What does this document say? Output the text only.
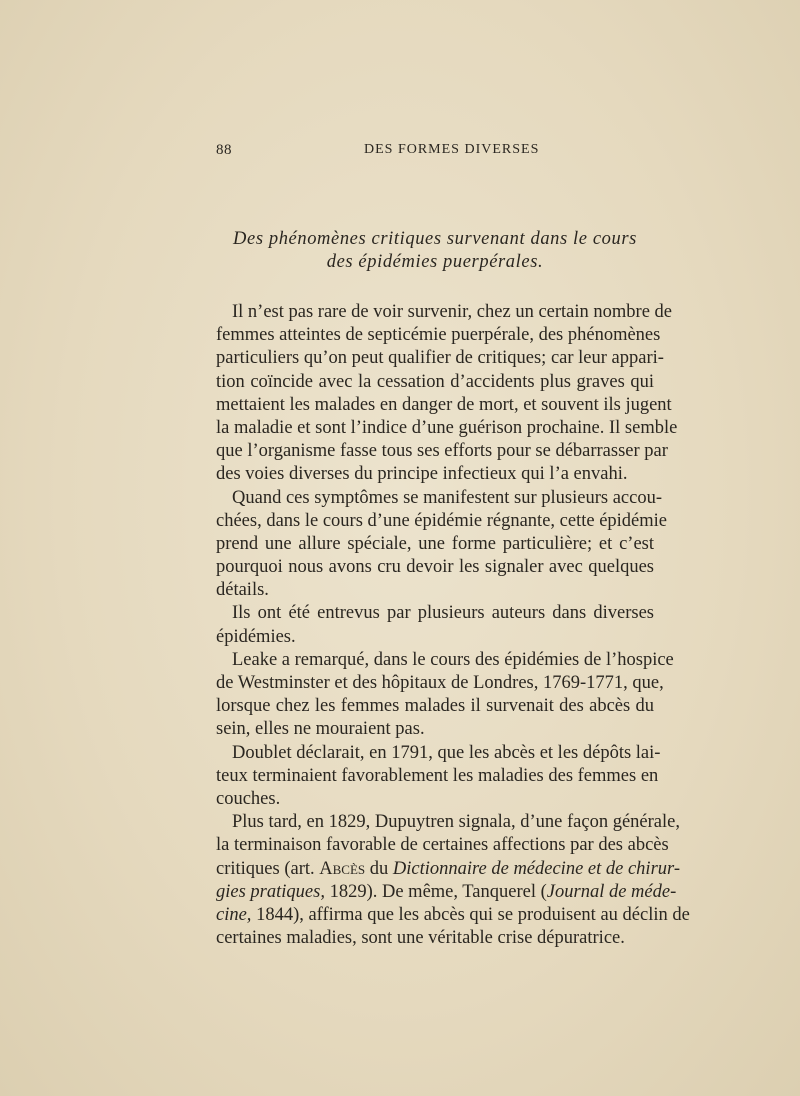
88	DES FORMES DIVERSES
Des phénomènes critiques survenant dans le cours
des épidémies puerpérales.
Il n’est pas rare de voir survenir, chez un certain nombre de
femmes atteintes de septicémie puerpérale, des phénomènes
particuliers qu’on peut qualifier de critiques; car leur appari-
tion coïncide avec la cessation d’accidents plus graves qui
mettaient les malades en danger de mort, et souvent ils jugent
la maladie et sont l’indice d’une guérison prochaine. Il semble
que l’organisme fasse tous ses efforts pour se débarrasser par
des voies diverses du principe infectieux qui l’a envahi.
Quand ces symptômes se manifestent sur plusieurs accou-
chées, dans le cours d’une épidémie régnante, cette épidémie
prend une allure spéciale, une forme particulière; et c’est
pourquoi nous avons cru devoir les signaler avec quelques
détails.
Ils ont été entrevus par plusieurs auteurs dans diverses
épidémies.
Leake a remarqué, dans le cours des épidémies de l’hospice
de Westminster et des hôpitaux de Londres, 1769-1771, que,
lorsque chez les femmes malades il survenait des abcès du
sein, elles ne mouraient pas.
Doublet déclarait, en 1791, que les abcès et les dépôts lai-
teux terminaient favorablement les maladies des femmes en
couches.
Plus tard, en 1829, Dupuytren signala, d’une façon générale,
la terminaison favorable de certaines affections par des abcès
critiques (art. Abcès du Dictionnaire de médecine et de chirur-
gies pratiques, 1829). De même, Tanquerel (Journal de méde-
cine, 1844), affirma que les abcès qui se produisent au déclin de
certaines maladies, sont une véritable crise dépuratrice.
